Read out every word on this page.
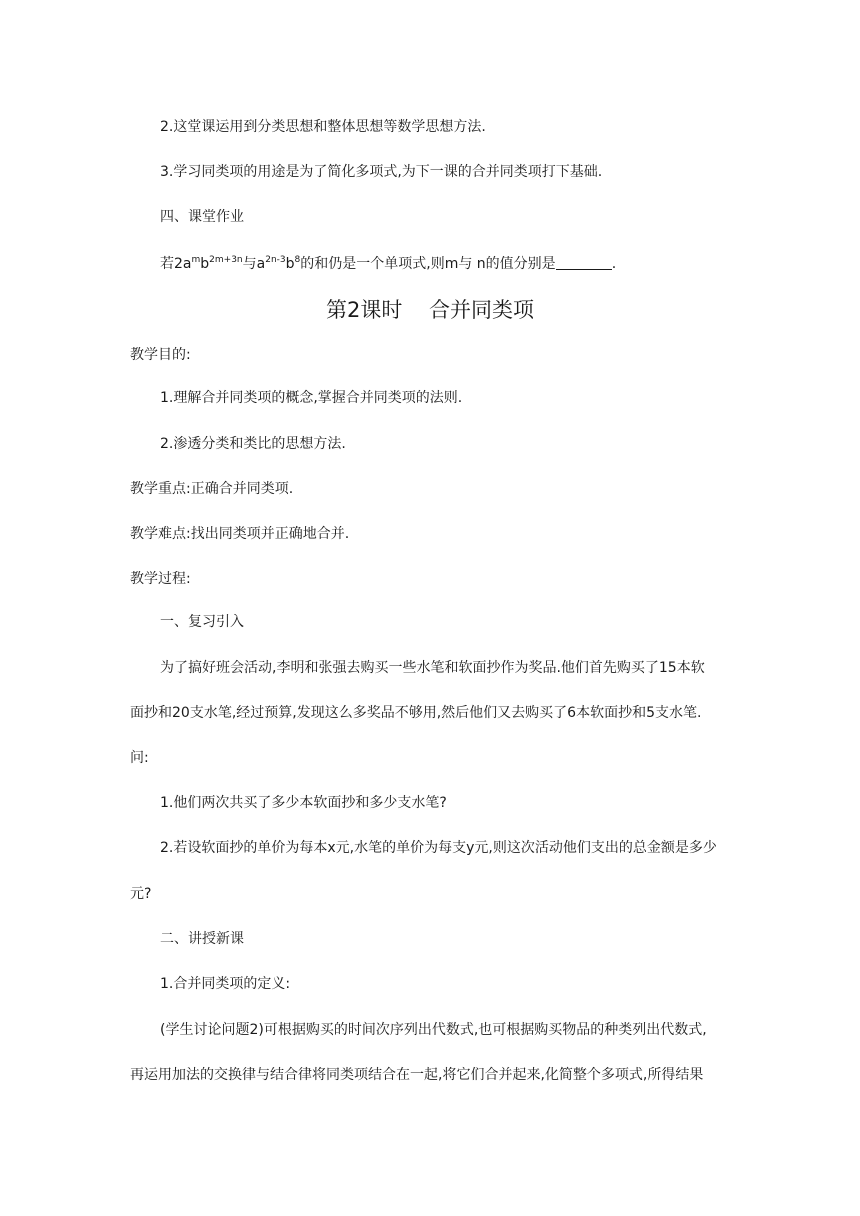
2.这堂课运用到分类思想和整体思想等数学思想方法.
3.学习同类项的用途是为了简化多项式,为下一课的合并同类项打下基础.
四、课堂作业
若$2a^mb^{2m+3n}$与$a^{2n-3}b^8$的和仍是一个单项式,则m与 n的值分别是	.
第2课时    合并同类项
教学目的:
1.理解合并同类项的概念,掌握合并同类项的法则.
2.渗透分类和类比的思想方法.
教学重点:正确合并同类项.
教学难点:找出同类项并正确地合并.
教学过程:
一、复习引入
为了搞好班会活动,李明和张强去购买一些水笔和软面抄作为奖品.他们首先购买了15本软
面抄和20支水笔,经过预算,发现这么多奖品不够用,然后他们又去购买了6本软面抄和5支水笔.
问:
1.他们两次共买了多少本软面抄和多少支水笔?
2.若设软面抄的单价为每本x元,水笔的单价为每支y元,则这次活动他们支出的总金额是多少
元?
二、讲授新课
1.合并同类项的定义:
(学生讨论问题2)可根据购买的时间次序列出代数式,也可根据购买物品的种类列出代数式,
再运用加法的交换律与结合律将同类项结合在一起,将它们合并起来,化简整个多项式,所得结果
